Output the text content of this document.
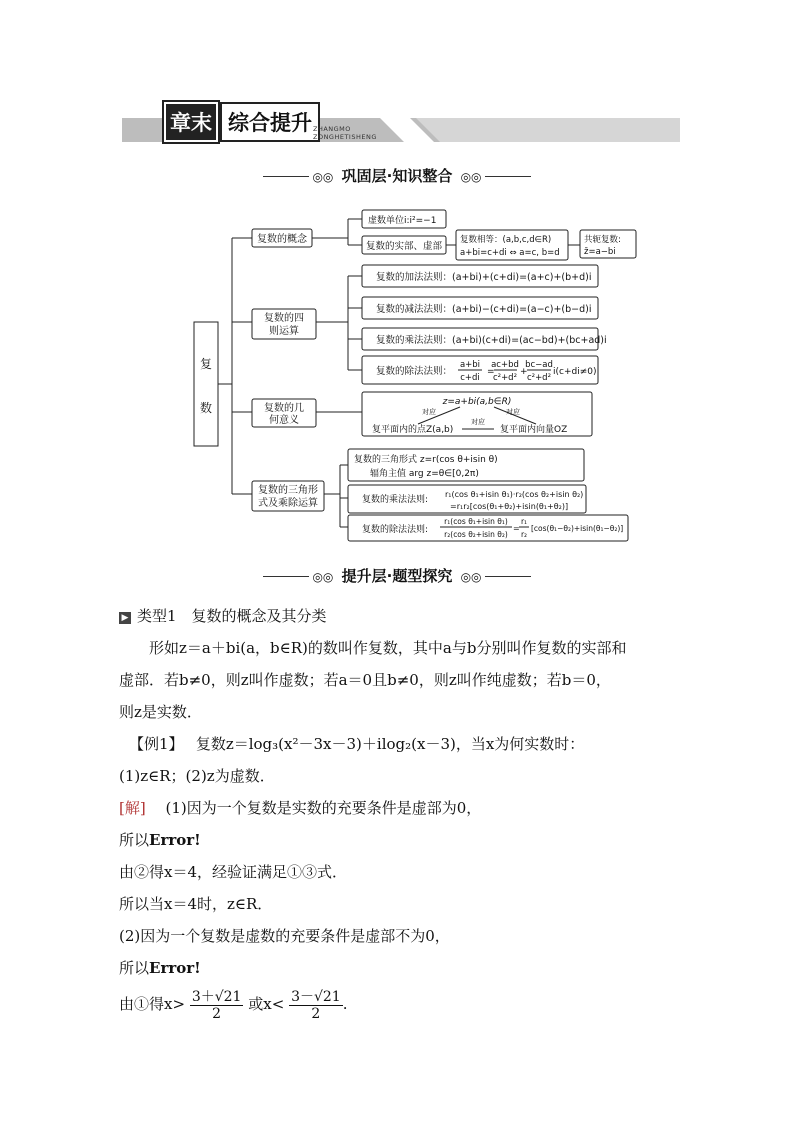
章末 综合提升 ZHANGMO
ZONGHETISHENG
◎◎ 巩固层·知识整合 ◎◎
复
数
复数的概念
虚数单位i:i²=−1
复数的实部、虚部
复数相等：(a,b,c,d∈R)
a+bi=c+di ⇔ a=c, b=d
共轭复数:
z̄=a−bi
复数的四
则运算
复数的加法法则：(a+bi)+(c+di)=(a+c)+(b+d)i
复数的减法法则：(a+bi)−(c+di)=(a−c)+(b−d)i
复数的乘法法则：(a+bi)(c+di)=(ac−bd)+(bc+ad)i
复数的除法法则：
a+bi
c+di
=
ac+bd
c²+d²
+
bc−ad
c²+d²
i(c+di≠0)
复数的几
何意义
z=a+bi(a,b∈R)
对应	对应
对应
复平面内的点Z(a,b)	复平面内向量OZ
复数的三角形
式及乘除运算
复数的三角形式 z=r(cos θ+isin θ)
辐角主值 arg z=θ∈[0,2π)
复数的乘法法则:
r₁(cos θ₁+isin θ₁)·r₂(cos θ₂+isin θ₂)
=r₁r₂[cos(θ₁+θ₂)+isin(θ₁+θ₂)]
复数的除法法则:
r₁(cos θ₁+isin θ₁)
r₂(cos θ₂+isin θ₂)
=
r₁
r₂
[cos(θ₁−θ₂)+isin(θ₁−θ₂)]
◎◎ 提升层·题型探究 ◎◎
▶ 类型1　复数的概念及其分类
形如z＝a＋bi(a，b∈R)的数叫作复数，其中a与b分别叫作复数的实部和
虚部．若b≠0，则z叫作虚数；若a＝0且b≠0，则z叫作纯虚数；若b＝0，
则z是实数．
【例1】　 复数z＝log₃(x²－3x－3)＋ilog₂(x－3)，当x为何实数时：
(1)z∈R；(2)z为虚数．
[解]　 (1)因为一个复数是实数的充要条件是虚部为0，
所以Error!
由②得x＝4，经验证满足①③式．
所以当x＝4时，z∈R．
(2)因为一个复数是虚数的充要条件是虚部不为0，
所以Error!
由①得$x> \frac{3+√21}{2}$ 或$x< \frac{3-√21}{2}$ .
